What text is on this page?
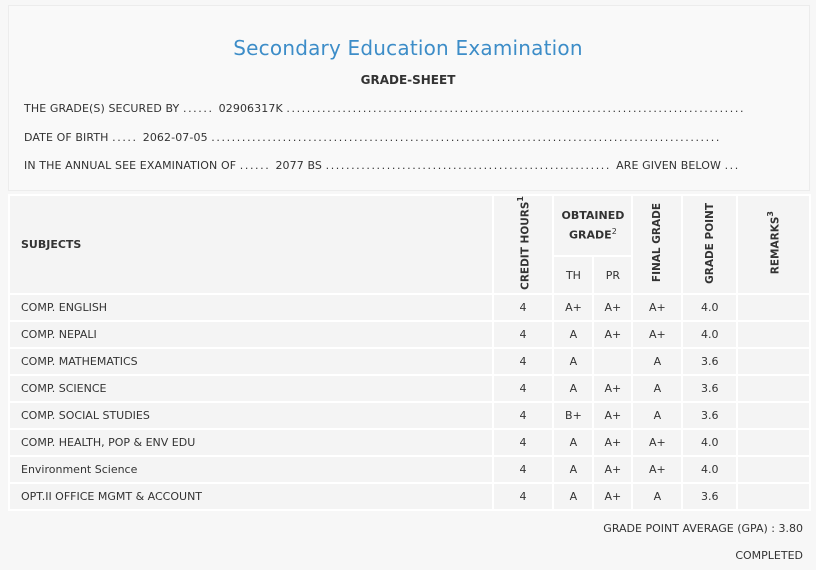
Secondary Education Examination
GRADE-SHEET
THE GRADE(S) SECURED BY ...... 02906317K ..........................................................................................
DATE OF BIRTH ..... 2062-07-05 ....................................................................................................
IN THE ANNUAL SEE EXAMINATION OF ...... 2077 BS ........................................................ ARE GIVEN BELOW ...
SUBJECTS	CREDIT HOURS$^1$	OBTAINED GRADE$^2$		FINAL GRADE	GRADE POINT	REMARKS$^3$
		TH	PR			
COMP. ENGLISH	4	A+	A+	A+	4.0	
COMP. NEPALI	4	A	A+	A+	4.0	
COMP. MATHEMATICS	4	A		A	3.6	
COMP. SCIENCE	4	A	A+	A	3.6	
COMP. SOCIAL STUDIES	4	B+	A+	A	3.6	
COMP. HEALTH, POP & ENV EDU	4	A	A+	A+	4.0	
Environment Science	4	A	A+	A+	4.0	
OPT.II OFFICE MGMT & ACCOUNT	4	A	A+	A	3.6	
GRADE POINT AVERAGE (GPA) : 3.80
COMPLETED
